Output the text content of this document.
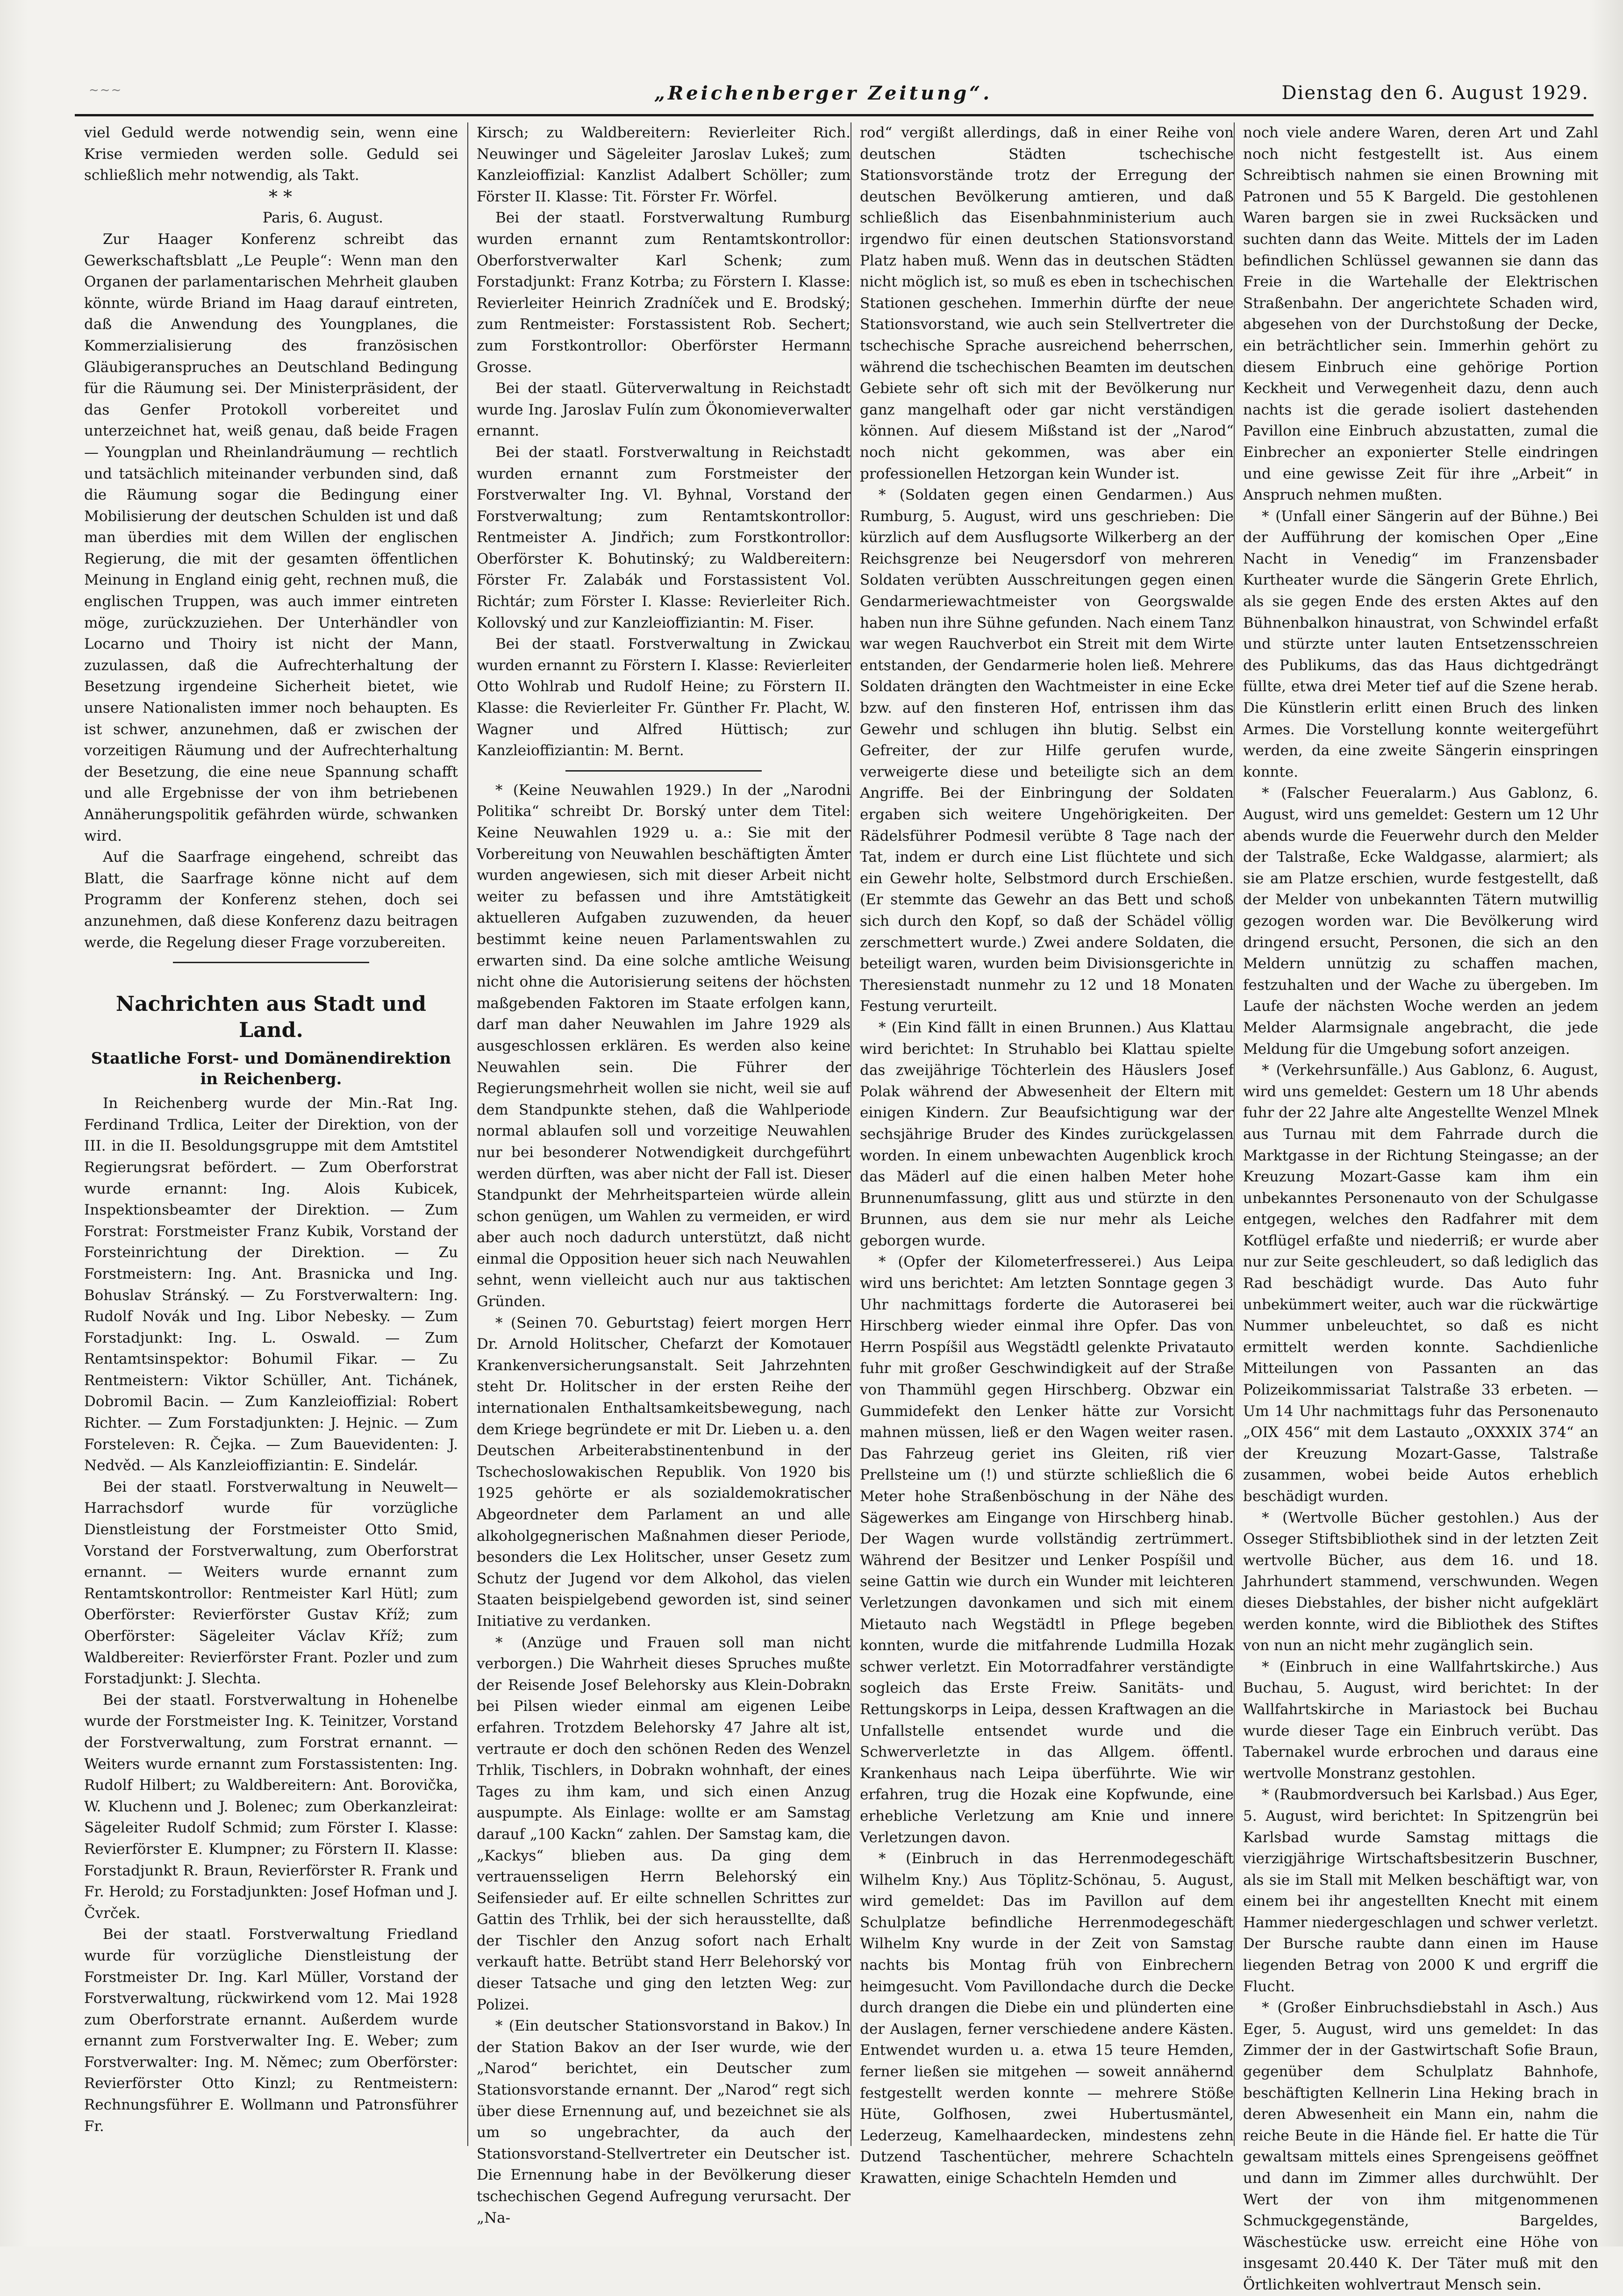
~~~	„Reichenberger Zeitung“.	Dienstag den 6. August 1929.

viel Geduld werde notwendig sein, wenn eine Krise vermieden werden solle. Geduld sei schließlich mehr notwendig, als Takt.

* *

Paris, 6. August.

Zur Haager Konferenz schreibt das Gewerkschaftsblatt „Le Peuple“: Wenn man den Organen der parlamentarischen Mehrheit glauben könnte, würde Briand im Haag darauf eintreten, daß die Anwendung des Youngplanes, die Kommerzialisierung des französischen Gläubigeranspruches an Deutschland Bedingung für die Räumung sei. Der Ministerpräsident, der das Genfer Protokoll vorbereitet und unterzeichnet hat, weiß genau, daß beide Fragen — Youngplan und Rheinlandräumung — rechtlich und tatsächlich miteinander verbunden sind, daß die Räumung sogar die Bedingung einer Mobilisierung der deutschen Schulden ist und daß man überdies mit dem Willen der englischen Regierung, die mit der gesamten öffentlichen Meinung in England einig geht, rechnen muß, die englischen Truppen, was auch immer eintreten möge, zurückzuziehen. Der Unterhändler von Locarno und Thoiry ist nicht der Mann, zuzulassen, daß die Aufrechterhaltung der Besetzung irgendeine Sicherheit bietet, wie unsere Nationalisten immer noch behaupten. Es ist schwer, anzunehmen, daß er zwischen der vorzeitigen Räumung und der Aufrechterhaltung der Besetzung, die eine neue Spannung schafft und alle Ergebnisse der von ihm betriebenen Annäherungspolitik gefährden würde, schwanken wird.

Auf die Saarfrage eingehend, schreibt das Blatt, die Saarfrage könne nicht auf dem Programm der Konferenz stehen, doch sei anzunehmen, daß diese Konferenz dazu beitragen werde, die Regelung dieser Frage vorzubereiten.

Nachrichten aus Stadt und Land.
Staatliche Forst- und Domänendirektion in Reichenberg.

In Reichenberg wurde der Min.-Rat Ing. Ferdinand Trdlica, Leiter der Direktion, von der III. in die II. Besoldungsgruppe mit dem Amtstitel Regierungsrat befördert. — Zum Oberforstrat wurde ernannt: Ing. Alois Kubicek, Inspektionsbeamter der Direktion. — Zum Forstrat: Forstmeister Franz Kubik, Vorstand der Forsteinrichtung der Direktion. — Zu Forstmeistern: Ing. Ant. Brasnicka und Ing. Bohuslav Stránský. — Zu Forstverwaltern: Ing. Rudolf Novák und Ing. Libor Nebesky. — Zum Forstadjunkt: Ing. L. Oswald. — Zum Rentamtsinspektor: Bohumil Fikar. — Zu Rentmeistern: Viktor Schüller, Ant. Tichánek, Dobromil Bacin. — Zum Kanzleioffizial: Robert Richter. — Zum Forstadjunkten: J. Hejnic. — Zum Forsteleven: R. Čejka. — Zum Bauevidenten: J. Nedvěd. — Als Kanzleioffiziantin: E. Sindelár.

Bei der staatl. Forstverwaltung in Neuwelt—Harrachsdorf wurde für vorzügliche Dienstleistung der Forstmeister Otto Smid, Vorstand der Forstverwaltung, zum Oberforstrat ernannt. — Weiters wurde ernannt zum Rentamtskontrollor: Rentmeister Karl Hütl; zum Oberförster: Revierförster Gustav Kříž; zum Oberförster: Sägeleiter Václav Kříž; zum Waldbereiter: Revierförster Frant. Pozler und zum Forstadjunkt: J. Slechta.

Bei der staatl. Forstverwaltung in Hohenelbe wurde der Forstmeister Ing. K. Teinitzer, Vorstand der Forstverwaltung, zum Forstrat ernannt. — Weiters wurde ernannt zum Forstassistenten: Ing. Rudolf Hilbert; zu Waldbereitern: Ant. Borovička, W. Kluchenn und J. Bolenec; zum Oberkanzleirat: Sägeleiter Rudolf Schmid; zum Förster I. Klasse: Revierförster E. Klumpner; zu Förstern II. Klasse: Forstadjunkt R. Braun, Revierförster R. Frank und Fr. Herold; zu Forstadjunkten: Josef Hofman und J. Čvrček.

Bei der staatl. Forstverwaltung Friedland wurde für vorzügliche Dienstleistung der Forstmeister Dr. Ing. Karl Müller, Vorstand der Forstverwaltung, rückwirkend vom 12. Mai 1928 zum Oberforstrate ernannt. Außerdem wurde ernannt zum Forstverwalter Ing. E. Weber; zum Forstverwalter: Ing. M. Němec; zum Oberförster: Revierförster Otto Kinzl; zu Rentmeistern: Rechnungsführer E. Wollmann und Patronsführer Fr.

Kirsch; zu Waldbereitern: Revierleiter Rich. Neuwinger und Sägeleiter Jaroslav Lukeš; zum Kanzleioffizial: Kanzlist Adalbert Schöller; zum Förster II. Klasse: Tit. Förster Fr. Wörfel.

Bei der staatl. Forstverwaltung Rumburg wurden ernannt zum Rentamtskontrollor: Oberforstverwalter Karl Schenk; zum Forstadjunkt: Franz Kotrba; zu Förstern I. Klasse: Revierleiter Heinrich Zradníček und E. Brodský; zum Rentmeister: Forstassistent Rob. Sechert; zum Forstkontrollor: Oberförster Hermann Grosse.

Bei der staatl. Güterverwaltung in Reichstadt wurde Ing. Jaroslav Fulín zum Ökonomieverwalter ernannt.

Bei der staatl. Forstverwaltung in Reichstadt wurden ernannt zum Forstmeister der Forstverwalter Ing. Vl. Byhnal, Vorstand der Forstverwaltung; zum Rentamtskontrollor: Rentmeister A. Jindřich; zum Forstkontrollor: Oberförster K. Bohutinský; zu Waldbereitern: Förster Fr. Zalabák und Forstassistent Vol. Richtár; zum Förster I. Klasse: Revierleiter Rich. Kollovský und zur Kanzleioffiziantin: M. Fiser.

Bei der staatl. Forstverwaltung in Zwickau wurden ernannt zu Förstern I. Klasse: Revierleiter Otto Wohlrab und Rudolf Heine; zu Förstern II. Klasse: die Revierleiter Fr. Günther Fr. Placht, W. Wagner und Alfred Hüttisch; zur Kanzleioffiziantin: M. Bernt.

* (Keine Neuwahlen 1929.) In der „Narodni Politika“ schreibt Dr. Borský unter dem Titel: Keine Neuwahlen 1929 u. a.: Sie mit der Vorbereitung von Neuwahlen beschäftigten Ämter wurden angewiesen, sich mit dieser Arbeit nicht weiter zu befassen und ihre Amtstätigkeit aktuelleren Aufgaben zuzuwenden, da heuer bestimmt keine neuen Parlamentswahlen zu erwarten sind. Da eine solche amtliche Weisung nicht ohne die Autorisierung seitens der höchsten maßgebenden Faktoren im Staate erfolgen kann, darf man daher Neuwahlen im Jahre 1929 als ausgeschlossen erklären. Es werden also keine Neuwahlen sein. Die Führer der Regierungsmehrheit wollen sie nicht, weil sie auf dem Standpunkte stehen, daß die Wahlperiode normal ablaufen soll und vorzeitige Neuwahlen nur bei besonderer Notwendigkeit durchgeführt werden dürften, was aber nicht der Fall ist. Dieser Standpunkt der Mehrheitsparteien würde allein schon genügen, um Wahlen zu vermeiden, er wird aber auch noch dadurch unterstützt, daß nicht einmal die Opposition heuer sich nach Neuwahlen sehnt, wenn vielleicht auch nur aus taktischen Gründen.

* (Seinen 70. Geburtstag) feiert morgen Herr Dr. Arnold Holitscher, Chefarzt der Komotauer Krankenversicherungsanstalt. Seit Jahrzehnten steht Dr. Holitscher in der ersten Reihe der internationalen Enthaltsamkeitsbewegung, nach dem Kriege begründete er mit Dr. Lieben u. a. den Deutschen Arbeiterabstinentenbund in der Tschechoslowakischen Republik. Von 1920 bis 1925 gehörte er als sozialdemokratischer Abgeordneter dem Parlament an und alle alkoholgegnerischen Maßnahmen dieser Periode, besonders die Lex Holitscher, unser Gesetz zum Schutz der Jugend vor dem Alkohol, das vielen Staaten beispielgebend geworden ist, sind seiner Initiative zu verdanken.

* (Anzüge und Frauen soll man nicht verborgen.) Die Wahrheit dieses Spruches mußte der Reisende Josef Belehorsky aus Klein-Dobrakn bei Pilsen wieder einmal am eigenen Leibe erfahren. Trotzdem Belehorsky 47 Jahre alt ist, vertraute er doch den schönen Reden des Wenzel Trhlik, Tischlers, in Dobrakn wohnhaft, der eines Tages zu ihm kam, und sich einen Anzug auspumpte. Als Einlage: wollte er am Samstag darauf „100 Kackn“ zahlen. Der Samstag kam, die „Kackys“ blieben aus. Da ging dem vertrauensseligen Herrn Belehorský ein Seifensieder auf. Er eilte schnellen Schrittes zur Gattin des Trhlik, bei der sich herausstellte, daß der Tischler den Anzug sofort nach Erhalt verkauft hatte. Betrübt stand Herr Belehorský vor dieser Tatsache und ging den letzten Weg: zur Polizei.

* (Ein deutscher Stationsvorstand in Bakov.) In der Station Bakov an der Iser wurde, wie der „Narod“ berichtet, ein Deutscher zum Stationsvorstande ernannt. Der „Narod“ regt sich über diese Ernennung auf, und bezeichnet sie als um so ungebrachter, da auch der Stationsvorstand-Stellvertreter ein Deutscher ist. Die Ernennung habe in der Bevölkerung dieser tschechischen Gegend Aufregung verursacht. Der „Na-

rod“ vergißt allerdings, daß in einer Reihe von deutschen Städten tschechische Stationsvorstände trotz der Erregung der deutschen Bevölkerung amtieren, und daß schließlich das Eisenbahnministerium auch irgendwo für einen deutschen Stationsvorstand Platz haben muß. Wenn das in deutschen Städten nicht möglich ist, so muß es eben in tschechischen Stationen geschehen. Immerhin dürfte der neue Stationsvorstand, wie auch sein Stellvertreter die tschechische Sprache ausreichend beherrschen, während die tschechischen Beamten im deutschen Gebiete sehr oft sich mit der Bevölkerung nur ganz mangelhaft oder gar nicht verständigen können. Auf diesem Mißstand ist der „Narod“ noch nicht gekommen, was aber ein professionellen Hetzorgan kein Wunder ist.

* (Soldaten gegen einen Gendarmen.) Aus Rumburg, 5. August, wird uns geschrieben: Die kürzlich auf dem Ausflugsorte Wilkerberg an der Reichsgrenze bei Neugersdorf von mehreren Soldaten verübten Ausschreitungen gegen einen Gendarmeriewachtmeister von Georgswalde haben nun ihre Sühne gefunden. Nach einem Tanz war wegen Rauchverbot ein Streit mit dem Wirte entstanden, der Gendarmerie holen ließ. Mehrere Soldaten drängten den Wachtmeister in eine Ecke bzw. auf den finsteren Hof, entrissen ihm das Gewehr und schlugen ihn blutig. Selbst ein Gefreiter, der zur Hilfe gerufen wurde, verweigerte diese und beteiligte sich an dem Angriffe. Bei der Einbringung der Soldaten ergaben sich weitere Ungehörigkeiten. Der Rädelsführer Podmesil verübte 8 Tage nach der Tat, indem er durch eine List flüchtete und sich ein Gewehr holte, Selbstmord durch Erschießen. (Er stemmte das Gewehr an das Bett und schoß sich durch den Kopf, so daß der Schädel völlig zerschmettert wurde.) Zwei andere Soldaten, die beteiligt waren, wurden beim Divisionsgerichte in Theresienstadt nunmehr zu 12 und 18 Monaten Festung verurteilt.

* (Ein Kind fällt in einen Brunnen.) Aus Klattau wird berichtet: In Struhablo bei Klattau spielte das zweijährige Töchterlein des Häuslers Josef Polak während der Abwesenheit der Eltern mit einigen Kindern. Zur Beaufsichtigung war der sechsjährige Bruder des Kindes zurückgelassen worden. In einem unbewachten Augenblick kroch das Mäderl auf die einen halben Meter hohe Brunnenumfassung, glitt aus und stürzte in den Brunnen, aus dem sie nur mehr als Leiche geborgen wurde.

* (Opfer der Kilometerfresserei.) Aus Leipa wird uns berichtet: Am letzten Sonntage gegen 3 Uhr nachmittags forderte die Autoraserei bei Hirschberg wieder einmal ihre Opfer. Das von Herrn Pospíšil aus Wegstädtl gelenkte Privatauto fuhr mit großer Geschwindigkeit auf der Straße von Thammühl gegen Hirschberg. Obzwar ein Gummidefekt den Lenker hätte zur Vorsicht mahnen müssen, ließ er den Wagen weiter rasen. Das Fahrzeug geriet ins Gleiten, riß vier Prellsteine um (!) und stürzte schließlich die 6 Meter hohe Straßenböschung in der Nähe des Sägewerkes am Eingange von Hirschberg hinab. Der Wagen wurde vollständig zertrümmert. Während der Besitzer und Lenker Pospíšil und seine Gattin wie durch ein Wunder mit leichteren Verletzungen davonkamen und sich mit einem Mietauto nach Wegstädtl in Pflege begeben konnten, wurde die mitfahrende Ludmilla Hozak schwer verletzt. Ein Motorradfahrer verständigte sogleich das Erste Freiw. Sanitäts- und Rettungskorps in Leipa, dessen Kraftwagen an die Unfallstelle entsendet wurde und die Schwerverletzte in das Allgem. öffentl. Krankenhaus nach Leipa überführte. Wie wir erfahren, trug die Hozak eine Kopfwunde, eine erhebliche Verletzung am Knie und innere Verletzungen davon.

* (Einbruch in das Herrenmodegeschäft Wilhelm Kny.) Aus Töplitz-Schönau, 5. August, wird gemeldet: Das im Pavillon auf dem Schulplatze befindliche Herrenmodegeschäft Wilhelm Kny wurde in der Zeit von Samstag nachts bis Montag früh von Einbrechern heimgesucht. Vom Pavillondache durch die Decke durch drangen die Diebe ein und plünderten eine der Auslagen, ferner verschiedene andere Kästen. Entwendet wurden u. a. etwa 15 teure Hemden, ferner ließen sie mitgehen — soweit annähernd festgestellt werden konnte — mehrere Stöße Hüte, Golfhosen, zwei Hubertusmäntel, Lederzeug, Kamelhaardecken, mindestens zehn Dutzend Taschentücher, mehrere Schachteln Krawatten, einige Schachteln Hemden und

noch viele andere Waren, deren Art und Zahl noch nicht festgestellt ist. Aus einem Schreibtisch nahmen sie einen Browning mit Patronen und 55 K Bargeld. Die gestohlenen Waren bargen sie in zwei Rucksäcken und suchten dann das Weite. Mittels der im Laden befindlichen Schlüssel gewannen sie dann das Freie in die Wartehalle der Elektrischen Straßenbahn. Der angerichtete Schaden wird, abgesehen von der Durchstoßung der Decke, ein beträchtlicher sein. Immerhin gehört zu diesem Einbruch eine gehörige Portion Keckheit und Verwegenheit dazu, denn auch nachts ist die gerade isoliert dastehenden Pavillon eine Einbruch abzustatten, zumal die Einbrecher an exponierter Stelle eindringen und eine gewisse Zeit für ihre „Arbeit“ in Anspruch nehmen mußten.

* (Unfall einer Sängerin auf der Bühne.) Bei der Aufführung der komischen Oper „Eine Nacht in Venedig“ im Franzensbader Kurtheater wurde die Sängerin Grete Ehrlich, als sie gegen Ende des ersten Aktes auf den Bühnenbalkon hinaustrat, von Schwindel erfaßt und stürzte unter lauten Entsetzensschreien des Publikums, das das Haus dichtgedrängt füllte, etwa drei Meter tief auf die Szene herab. Die Künstlerin erlitt einen Bruch des linken Armes. Die Vorstellung konnte weitergeführt werden, da eine zweite Sängerin einspringen konnte.

* (Falscher Feueralarm.) Aus Gablonz, 6. August, wird uns gemeldet: Gestern um 12 Uhr abends wurde die Feuerwehr durch den Melder der Talstraße, Ecke Waldgasse, alarmiert; als sie am Platze erschien, wurde festgestellt, daß der Melder von unbekannten Tätern mutwillig gezogen worden war. Die Bevölkerung wird dringend ersucht, Personen, die sich an den Meldern unnützig zu schaffen machen, festzuhalten und der Wache zu übergeben. Im Laufe der nächsten Woche werden an jedem Melder Alarmsignale angebracht, die jede Meldung für die Umgebung sofort anzeigen.

* (Verkehrsunfälle.) Aus Gablonz, 6. August, wird uns gemeldet: Gestern um 18 Uhr abends fuhr der 22 Jahre alte Angestellte Wenzel Mlnek aus Turnau mit dem Fahrrade durch die Marktgasse in der Richtung Steingasse; an der Kreuzung Mozart-Gasse kam ihm ein unbekanntes Personenauto von der Schulgasse entgegen, welches den Radfahrer mit dem Kotflügel erfaßte und niederriß; er wurde aber nur zur Seite geschleudert, so daß lediglich das Rad beschädigt wurde. Das Auto fuhr unbekümmert weiter, auch war die rückwärtige Nummer unbeleuchtet, so daß es nicht ermittelt werden konnte. Sachdienliche Mitteilungen von Passanten an das Polizeikommissariat Talstraße 33 erbeten. — Um 14 Uhr nachmittags fuhr das Personenauto „OIX 456“ mit dem Lastauto „OXXXIX 374“ an der Kreuzung Mozart-Gasse, Talstraße zusammen, wobei beide Autos erheblich beschädigt wurden.

* (Wertvolle Bücher gestohlen.) Aus der Osseger Stiftsbibliothek sind in der letzten Zeit wertvolle Bücher, aus dem 16. und 18. Jahrhundert stammend, verschwunden. Wegen dieses Diebstahles, der bisher nicht aufgeklärt werden konnte, wird die Bibliothek des Stiftes von nun an nicht mehr zugänglich sein.

* (Einbruch in eine Wallfahrtskirche.) Aus Buchau, 5. August, wird berichtet: In der Wallfahrtskirche in Mariastock bei Buchau wurde dieser Tage ein Einbruch verübt. Das Tabernakel wurde erbrochen und daraus eine wertvolle Monstranz gestohlen.

* (Raubmordversuch bei Karlsbad.) Aus Eger, 5. August, wird berichtet: In Spitzengrün bei Karlsbad wurde Samstag mittags die vierzigjährige Wirtschaftsbesitzerin Buschner, als sie im Stall mit Melken beschäftigt war, von einem bei ihr angestellten Knecht mit einem Hammer niedergeschlagen und schwer verletzt. Der Bursche raubte dann einen im Hause liegenden Betrag von 2000 K und ergriff die Flucht.

* (Großer Einbruchsdiebstahl in Asch.) Aus Eger, 5. August, wird uns gemeldet: In das Zimmer der in der Gastwirtschaft Sofie Braun, gegenüber dem Schulplatz Bahnhofe, beschäftigten Kellnerin Lina Heking brach in deren Abwesenheit ein Mann ein, nahm die reiche Beute in die Hände fiel. Er hatte die Tür gewaltsam mittels eines Sprengeisens geöffnet und dann im Zimmer alles durchwühlt. Der Wert der von ihm mitgenommenen Schmuckgegenstände, Bargeldes, Wäschestücke usw. erreicht eine Höhe von insgesamt 20.440 K. Der Täter muß mit den Örtlichkeiten wohlvertraut Mensch sein.
